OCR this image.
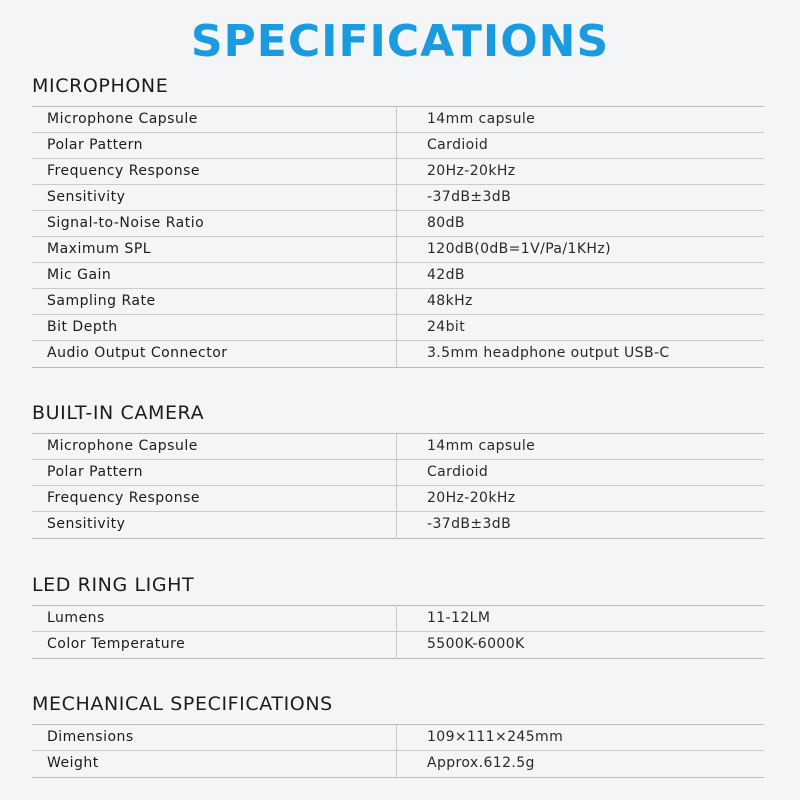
SPECIFICATIONS
MICROPHONE
Microphone Capsule	14mm capsule
Polar Pattern	Cardioid
Frequency Response	20Hz-20kHz
Sensitivity	-37dB±3dB
Signal-to-Noise Ratio	80dB
Maximum SPL	120dB(0dB=1V/Pa/1KHz)
Mic Gain	42dB
Sampling Rate	48kHz
Bit Depth	24bit
Audio Output Connector	3.5mm headphone output USB-C
BUILT-IN CAMERA
Microphone Capsule	14mm capsule
Polar Pattern	Cardioid
Frequency Response	20Hz-20kHz
Sensitivity	-37dB±3dB
LED RING LIGHT
Lumens	11-12LM
Color Temperature	5500K-6000K
MECHANICAL SPECIFICATIONS
Dimensions	109×111×245mm
Weight	Approx.612.5g
